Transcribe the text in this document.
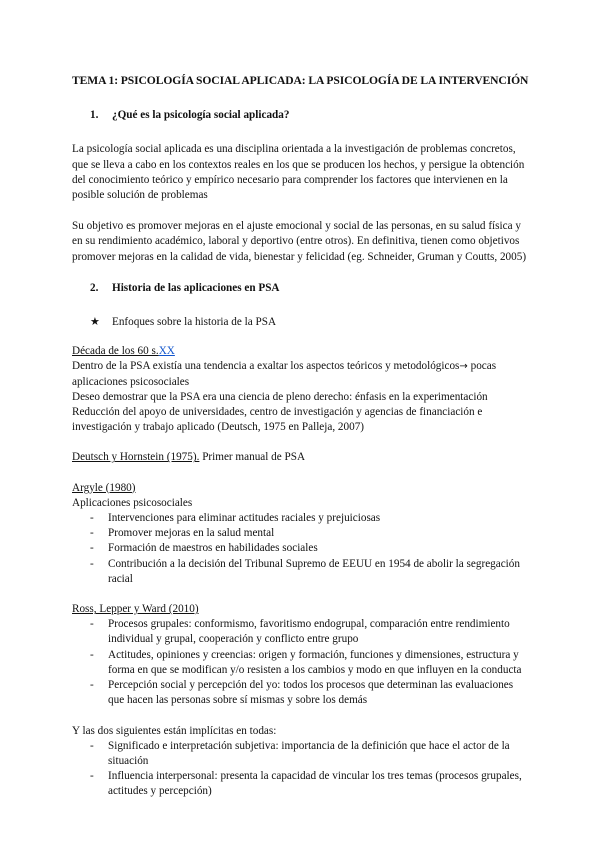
TEMA 1: PSICOLOGÍA SOCIAL APLICADA: LA PSICOLOGÍA DE LA INTERVENCIÓN
1. ¿Qué es la psicología social aplicada?

La psicología social aplicada es una disciplina orientada a la investigación de problemas concretos, que se lleva a cabo en los contextos reales en los que se producen los hechos, y persigue la obtención del conocimiento teórico y empírico necesario para comprender los factores que intervienen en la posible solución de problemas

Su objetivo es promover mejoras en el ajuste emocional y social de las personas, en su salud física y en su rendimiento académico, laboral y deportivo (entre otros). En definitiva, tienen como objetivos promover mejoras en la calidad de vida, bienestar y felicidad (eg. Schneider, Gruman y Coutts, 2005)

2. Historia de las aplicaciones en PSA
★ Enfoques sobre la historia de la PSA

Década de los 60 s.XX

Dentro de la PSA existía una tendencia a exaltar los aspectos teóricos y metodológicos→ pocas aplicaciones psicosociales

Deseo demostrar que la PSA era una ciencia de pleno derecho: énfasis en la experimentación

Reducción del apoyo de universidades, centro de investigación y agencias de financiación e investigación y trabajo aplicado (Deutsch, 1975 en Palleja, 2007)

Deutsch y Hornstein (1975). Primer manual de PSA

Argyle (1980)

Aplicaciones psicosociales

- Intervenciones para eliminar actitudes raciales y prejuiciosas
- Promover mejoras en la salud mental
- Formación de maestros en habilidades sociales
- Contribución a la decisión del Tribunal Supremo de EEUU en 1954 de abolir la segregación racial

Ross, Lepper y Ward (2010)

- Procesos grupales: conformismo, favoritismo endogrupal, comparación entre rendimiento individual y grupal, cooperación y conflicto entre grupo
- Actitudes, opiniones y creencias: origen y formación, funciones y dimensiones, estructura y forma en que se modifican y/o resisten a los cambios y modo en que influyen en la conducta
- Percepción social y percepción del yo: todos los procesos que determinan las evaluaciones que hacen las personas sobre sí mismas y sobre los demás

Y las dos siguientes están implícitas en todas:

- Significado e interpretación subjetiva: importancia de la definición que hace el actor de la situación
- Influencia interpersonal: presenta la capacidad de vincular los tres temas (procesos grupales, actitudes y percepción)
